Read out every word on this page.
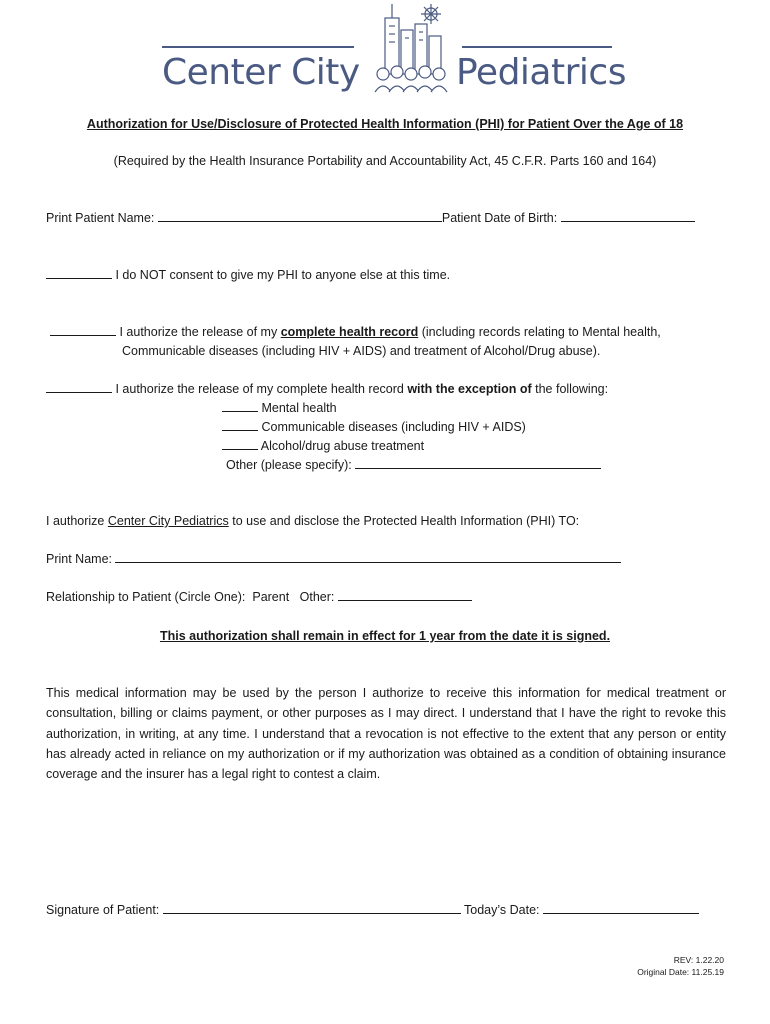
Center City	Pediatrics
Authorization for Use/Disclosure of Protected Health Information (PHI) for Patient Over the Age of 18
(Required by the Health Insurance Portability and Accountability Act, 45 C.F.R. Parts 160 and 164)
Print Patient Name:	Patient Date of Birth:
I do NOT consent to give my PHI to anyone else at this time.
I authorize the release of my complete health record (including records relating to Mental health,
Communicable diseases (including HIV + AIDS) and treatment of Alcohol/Drug abuse).
I authorize the release of my complete health record with the exception of the following:
Mental health
Communicable diseases (including HIV + AIDS)
Alcohol/drug abuse treatment
Other (please specify):
I authorize Center City Pediatrics to use and disclose the Protected Health Information (PHI) TO:
Print Name:
Relationship to Patient (Circle One): Parent Other:
This authorization shall remain in effect for 1 year from the date it is signed.
This medical information may be used by the person I authorize to receive this information for medical treatment or consultation, billing or claims payment, or other purposes as I may direct. I understand that I have the right to revoke this authorization, in writing, at any time. I understand that a revocation is not effective to the extent that any person or entity has already acted in reliance on my authorization or if my authorization was obtained as a condition of obtaining insurance coverage and the insurer has a legal right to contest a claim.
Signature of Patient:	Today’s Date:
REV: 1.22.20
Original Date: 11.25.19
